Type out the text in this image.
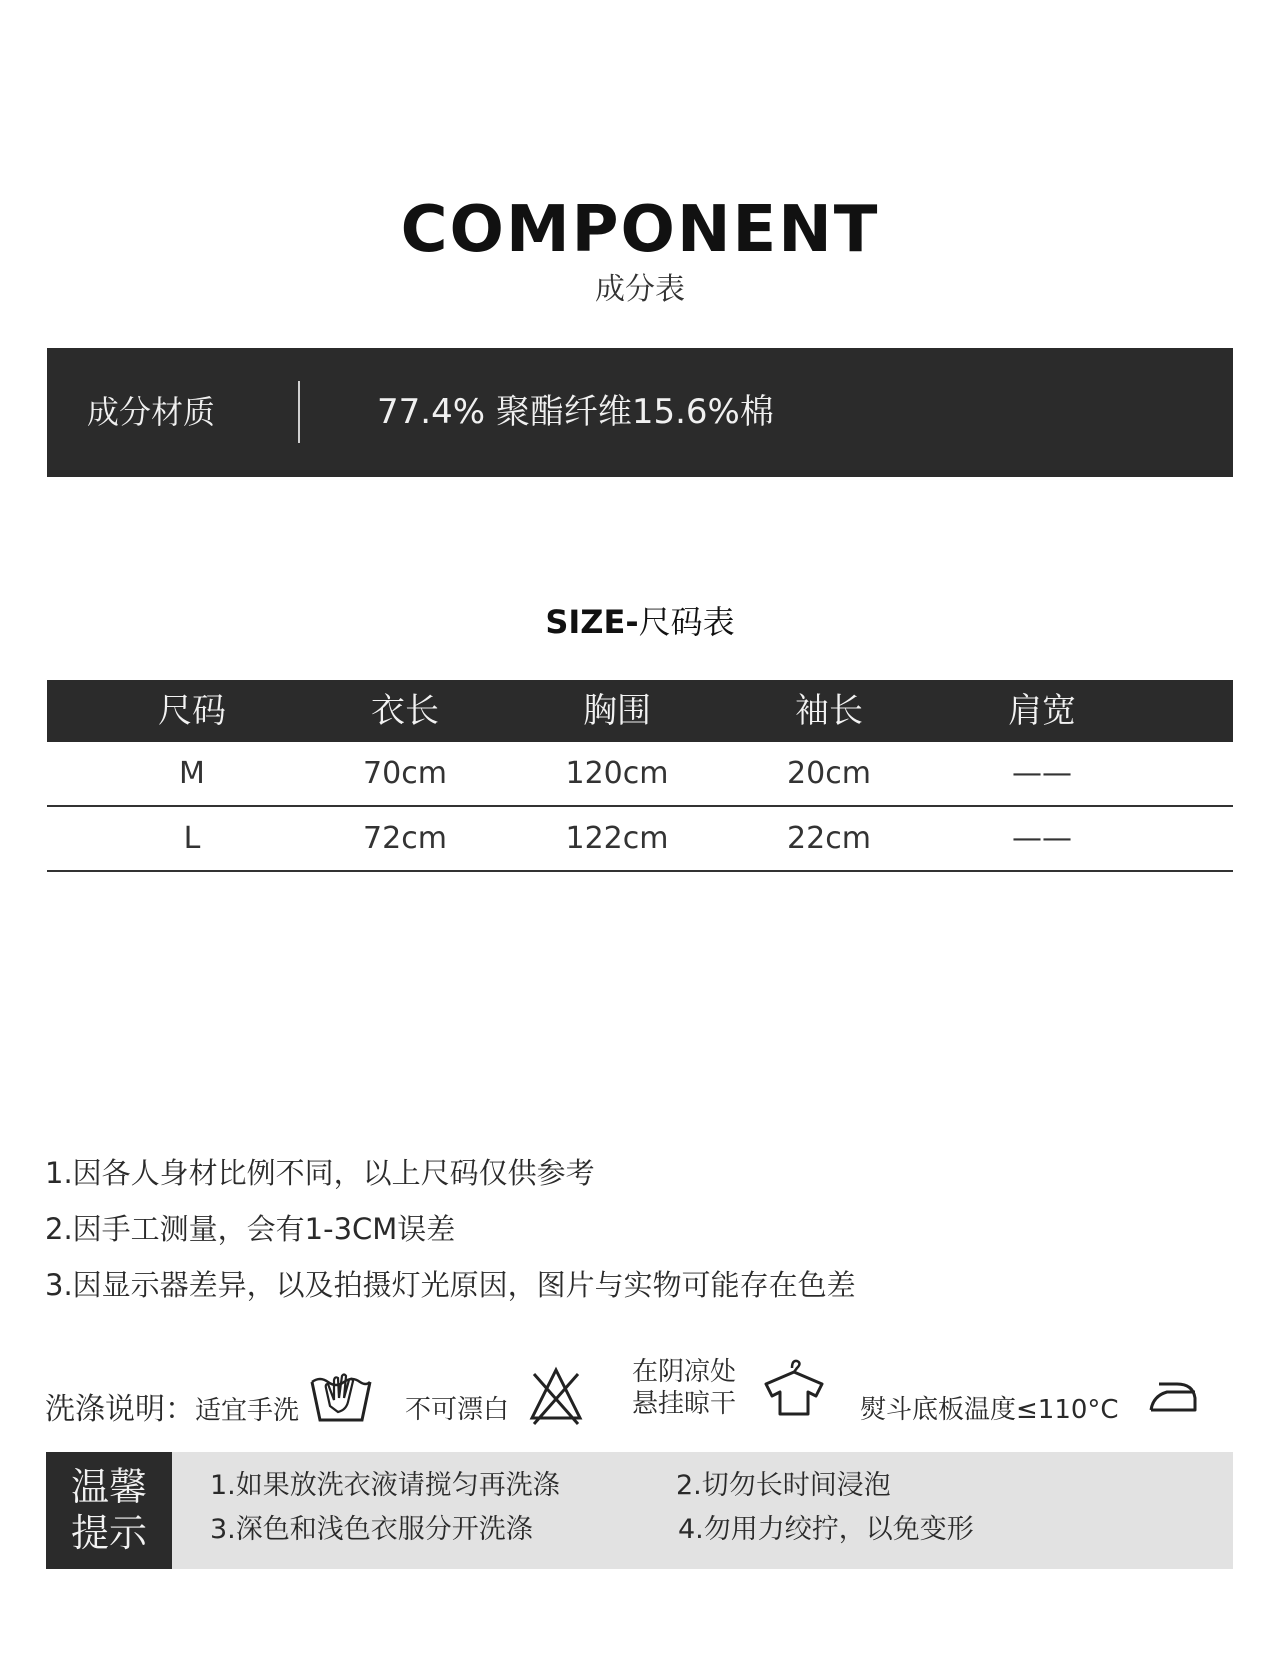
COMPONENT
成分表
成分材质	77.4% 聚酯纤维15.6%棉
SIZE-尺码表
尺码	衣长	胸围	袖长	肩宽
M	70cm	120cm	20cm	——
L	72cm	122cm	22cm	——
1.因各人身材比例不同，以上尺码仅供参考
2.因手工测量，会有1-3CM误差
3.因显示器差异，以及拍摄灯光原因，图片与实物可能存在色差
洗涤说明：适宜手洗	不可漂白
在阴凉处
悬挂晾干	熨斗底板温度≤110°C
温馨
提示
1.如果放洗衣液请搅匀再洗涤	2.切勿长时间浸泡
3.深色和浅色衣服分开洗涤	4.勿用力绞拧，以免变形
